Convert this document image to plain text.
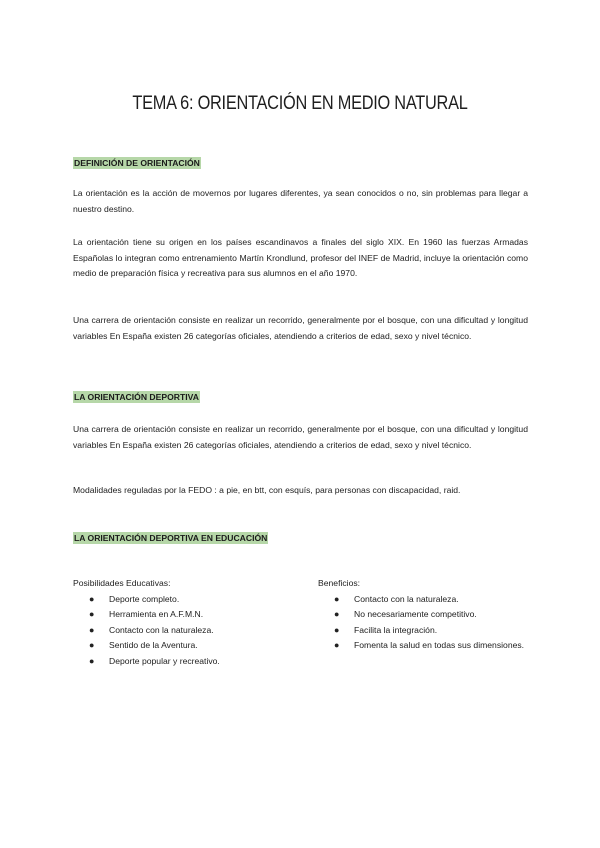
TEMA 6: ORIENTACIÓN EN MEDIO NATURAL
DEFINICIÓN DE ORIENTACIÓN
La orientación es la acción de movernos por lugares diferentes, ya sean conocidos o no, sin problemas para llegar a nuestro destino.
La orientación tiene su origen en los países escandinavos a finales del siglo XIX. En 1960 las fuerzas Armadas Españolas lo integran como entrenamiento Martín Krondlund, profesor del INEF de Madrid, incluye la orientación como medio de preparación física y recreativa para sus alumnos en el año 1970.
Una carrera de orientación consiste en realizar un recorrido, generalmente por el bosque, con una dificultad y longitud variables En España existen 26 categorías oficiales, atendiendo a criterios de edad, sexo y nivel técnico.
LA ORIENTACIÓN DEPORTIVA
Una carrera de orientación consiste en realizar un recorrido, generalmente por el bosque, con una dificultad y longitud variables En España existen 26 categorías oficiales, atendiendo a criterios de edad, sexo y nivel técnico.
Modalidades reguladas por la FEDO : a pie, en btt, con esquís, para personas con discapacidad, raid.
LA ORIENTACIÓN DEPORTIVA EN EDUCACIÓN
Posibilidades Educativas:
● Deporte completo.
● Herramienta en A.F.M.N.
● Contacto con la naturaleza.
● Sentido de la Aventura.
● Deporte popular y recreativo.
Beneficios:
● Contacto con la naturaleza.
● No necesariamente competitivo.
● Facilita la integración.
● Fomenta la salud en todas sus dimensiones.
